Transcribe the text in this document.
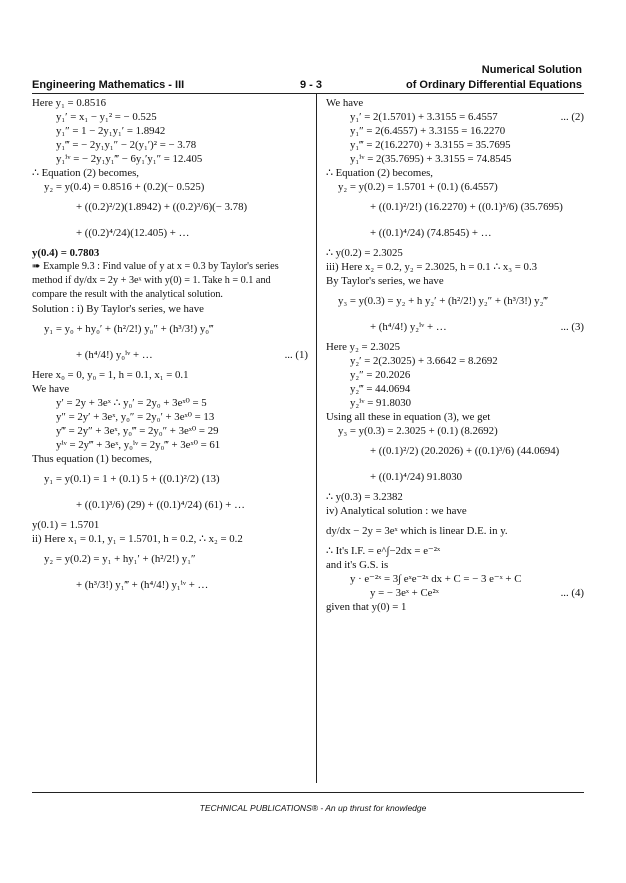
Numerical Solution
Engineering Mathematics - III	9 - 3	of Ordinary Differential Equations
Here y₁ = 0.8516
y₁′ = x₁ − y₁² = − 0.525
y₁″ = 1 − 2y₁y₁′ = 1.8942
y₁‴ = − 2y₁y₁″ − 2(y₁′)² = − 3.78
y₁ⁱᵛ = − 2y₁y₁‴ − 6y₁′y₁″ = 12.405
∴ Equation (2) becomes,
y₂ = y(0.4) = 0.8516 + (0.2)(− 0.525)
+ ((0.2)²/2)(1.8942) + ((0.2)³/6)(− 3.78)
+ ((0.2)⁴/24)(12.405) + …
y(0.4) = 0.7803
➠ Example 9.3 : Find value of y at x = 0.3 by Taylor's series method if dy/dx = 2y + 3eˣ with y(0) = 1. Take h = 0.1 and compare the result with the analytical solution.
Solution : i) By Taylor's series, we have
y₁ = y₀ + hy₀′ + (h²/2!) y₀″ + (h³/3!) y₀‴
+ (h⁴/4!) y₀ⁱᵛ + …	... (1)
Here x₀ = 0, y₀ = 1, h = 0.1, x₁ = 0.1
We have
y′ = 2y + 3eˣ ∴ y₀′ = 2y₀ + 3eˣ⁰ = 5
y″ = 2y′ + 3eˣ, y₀″ = 2y₀′ + 3eˣ⁰ = 13
y‴ = 2y″ + 3eˣ, y₀‴ = 2y₀″ + 3eˣ⁰ = 29
yⁱᵛ = 2y‴ + 3eˣ, y₀ⁱᵛ = 2y₀‴ + 3eˣ⁰ = 61
Thus equation (1) becomes,
y₁ = y(0.1) = 1 + (0.1) 5 + ((0.1)²/2) (13)
+ ((0.1)³/6) (29) + ((0.1)⁴/24) (61) + …
y(0.1) = 1.5701
ii) Here x₁ = 0.1, y₁ = 1.5701, h = 0.2, ∴ x₂ = 0.2
y₂ = y(0.2) = y₁ + hy₁′ + (h²/2!) y₁″
+ (h³/3!) y₁‴ + (h⁴/4!) y₁ⁱᵛ + …
We have
y₁′ = 2(1.5701) + 3.3155 = 6.4557	... (2)
y₁″ = 2(6.4557) + 3.3155 = 16.2270
y₁‴ = 2(16.2270) + 3.3155 = 35.7695
y₁ⁱᵛ = 2(35.7695) + 3.3155 = 74.8545
∴ Equation (2) becomes,
y₂ = y(0.2) = 1.5701 + (0.1) (6.4557)
+ ((0.1)²/2!) (16.2270) + ((0.1)³/6) (35.7695)
+ ((0.1)⁴/24) (74.8545) + …
∴ y(0.2) = 2.3025
iii) Here x₂ = 0.2, y₂ = 2.3025, h = 0.1 ∴ x₃ = 0.3
By Taylor's series, we have
y₃ = y(0.3) = y₂ + h y₂′ + (h²/2!) y₂″ + (h³/3!) y₂‴
+ (h⁴/4!) y₂ⁱᵛ + …	... (3)
Here y₂ = 2.3025
y₂′ = 2(2.3025) + 3.6642 = 8.2692
y₂″ = 20.2026
y₂‴ = 44.0694
y₂ⁱᵛ = 91.8030
Using all these in equation (3), we get
y₃ = y(0.3) = 2.3025 + (0.1) (8.2692)
+ ((0.1)²/2) (20.2026) + ((0.1)³/6) (44.0694)
+ ((0.1)⁴/24) 91.8030
∴ y(0.3) = 3.2382
iv) Analytical solution : we have
dy/dx − 2y = 3eˣ which is linear D.E. in y.
∴ It's I.F. = e^∫−2dx = e⁻²ˣ
and it's G.S. is
y · e⁻²ˣ = 3∫ eˣe⁻²ˣ dx + C = − 3 e⁻ˣ + C
y = − 3eˣ + Ce²ˣ	... (4)
given that y(0) = 1
TECHNICAL PUBLICATIONS® - An up thrust for knowledge
